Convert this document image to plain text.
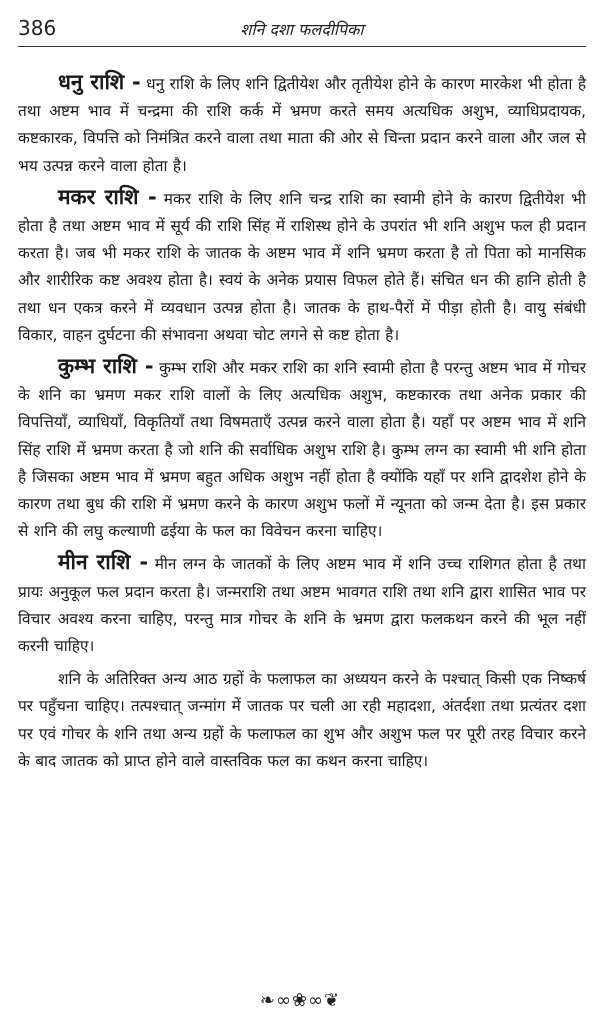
386	शनि दशा फलदीपिका

धनु राशि - धनु राशि के लिए शनि द्वितीयेश और तृतीयेश होने के कारण मारकेश भी होता है तथा अष्टम भाव में चन्द्रमा की राशि कर्क में भ्रमण करते समय अत्यधिक अशुभ, व्याधिप्रदायक, कष्टकारक, विपत्ति को निमंत्रित करने वाला तथा माता की ओर से चिन्ता प्रदान करने वाला और जल से भय उत्पन्न करने वाला होता है।

मकर राशि - मकर राशि के लिए शनि चन्द्र राशि का स्वामी होने के कारण द्वितीयेश भी होता है तथा अष्टम भाव में सूर्य की राशि सिंह में राशिस्थ होने के उपरांत भी शनि अशुभ फल ही प्रदान करता है। जब भी मकर राशि के जातक के अष्टम भाव में शनि भ्रमण करता है तो पिता को मानसिक और शारीरिक कष्ट अवश्य होता है। स्वयं के अनेक प्रयास विफल होते हैं। संचित धन की हानि होती है तथा धन एकत्र करने में व्यवधान उत्पन्न होता है। जातक के हाथ-पैरों में पीड़ा होती है। वायु संबंधी विकार, वाहन दुर्घटना की संभावना अथवा चोट लगने से कष्ट होता है।

कुम्भ राशि - कुम्भ राशि और मकर राशि का शनि स्वामी होता है परन्तु अष्टम भाव में गोचर के शनि का भ्रमण मकर राशि वालों के लिए अत्यधिक अशुभ, कष्टकारक तथा अनेक प्रकार की विपत्तियाँ, व्याधियाँ, विकृतियाँ तथा विषमताएँ उत्पन्न करने वाला होता है। यहाँ पर अष्टम भाव में शनि सिंह राशि में भ्रमण करता है जो शनि की सर्वाधिक अशुभ राशि है। कुम्भ लग्न का स्वामी भी शनि होता है जिसका अष्टम भाव में भ्रमण बहुत अधिक अशुभ नहीं होता है क्योंकि यहाँ पर शनि द्वादशेश होने के कारण तथा बुध की राशि में भ्रमण करने के कारण अशुभ फलों में न्यूनता को जन्म देता है। इस प्रकार से शनि की लघु कल्याणी ढईया के फल का विवेचन करना चाहिए।

मीन राशि - मीन लग्न के जातकों के लिए अष्टम भाव में शनि उच्च राशिगत होता है तथा प्रायः अनुकूल फल प्रदान करता है। जन्मराशि तथा अष्टम भावगत राशि तथा शनि द्वारा शासित भाव पर विचार अवश्य करना चाहिए, परन्तु मात्र गोचर के शनि के भ्रमण द्वारा फलकथन करने की भूल नहीं करनी चाहिए।

शनि के अतिरिक्त अन्य आठ ग्रहों के फलाफल का अध्ययन करने के पश्चात् किसी एक निष्कर्ष पर पहुँचना चाहिए। तत्पश्चात् जन्मांग में जातक पर चली आ रही महादशा, अंतर्दशा तथा प्रत्यंतर दशा पर एवं गोचर के शनि तथा अन्य ग्रहों के फलाफल का शुभ और अशुभ फल पर पूरी तरह विचार करने के बाद जातक को प्राप्त होने वाले वास्तविक फल का कथन करना चाहिए।

❧∞❀∞❦
